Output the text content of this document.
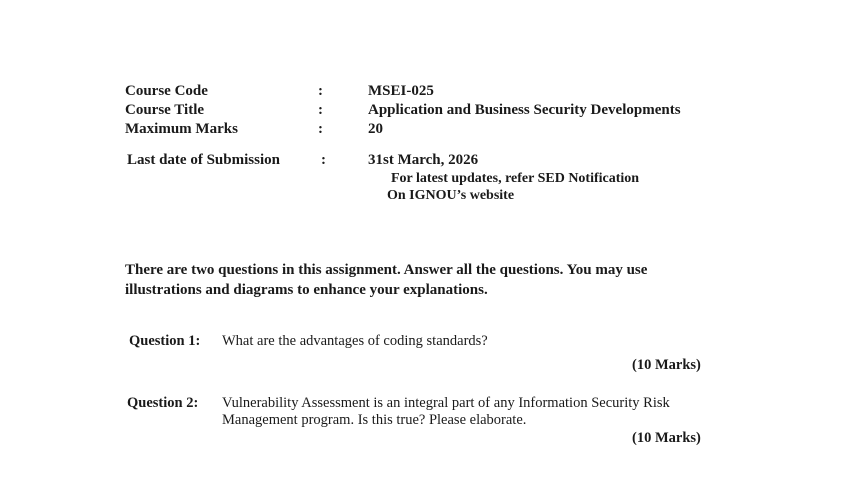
Course Code
Course Title
Maximum Marks
Last date of Submission
:
:
:
:
MSEI-025
Application and Business Security Developments
20
31st March, 2026
For latest updates, refer SED Notification
On IGNOU’s website
There are two questions in this assignment. Answer all the questions. You may use illustrations and diagrams to enhance your explanations.
Question 1: What are the advantages of coding standards?
(10 Marks)
Question 2: Vulnerability Assessment is an integral part of any Information Security Risk
Management program. Is this true? Please elaborate.
(10 Marks)
